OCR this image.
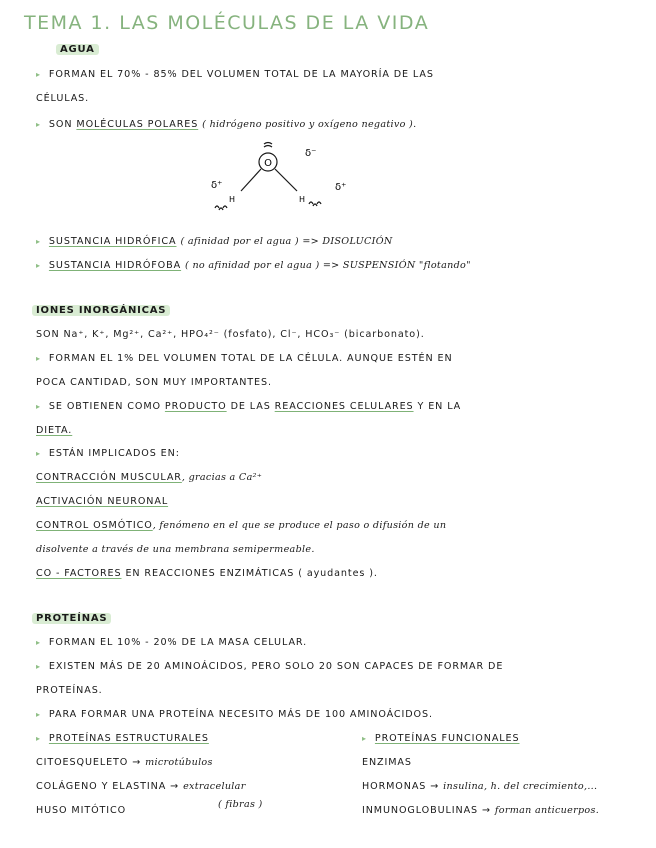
TEMA 1. LAS MOLÉCULAS DE LA VIDA
AGUA
▸ FORMAN EL 70% - 85% DEL VOLUMEN TOTAL DE LA MAYORÍA DE LAS
CÉLULAS.
▸ SON MOLÉCULAS POLARES ( hidrógeno positivo y oxígeno negativo ).
O
δ⁻
δ⁺	δ⁺
H	H
▸ SUSTANCIA HIDRÓFICA ( afinidad por el agua ) => DISOLUCIÓN
▸ SUSTANCIA HIDRÓFOBA ( no afinidad por el agua ) => SUSPENSIÓN "flotando"
IONES INORGÁNICAS
SON Na⁺, K⁺, Mg²⁺, Ca²⁺, HPO₄²⁻ (fosfato), Cl⁻, HCO₃⁻ (bicarbonato).
▸ FORMAN EL 1% DEL VOLUMEN TOTAL DE LA CÉLULA. AUNQUE ESTÉN EN
POCA CANTIDAD, SON MUY IMPORTANTES.
▸ SE OBTIENEN COMO PRODUCTO DE LAS REACCIONES CELULARES Y EN LA
DIETA.
▸ ESTÁN IMPLICADOS EN:
CONTRACCIÓN MUSCULAR, gracias a Ca²⁺
ACTIVACIÓN NEURONAL
CONTROL OSMÓTICO, fenómeno en el que se produce el paso o difusión de un
disolvente a través de una membrana semipermeable.
CO - FACTORES EN REACCIONES ENZIMÁTICAS ( ayudantes ).
PROTEÍNAS
▸ FORMAN EL 10% - 20% DE LA MASA CELULAR.
▸ EXISTEN MÁS DE 20 AMINOÁCIDOS, PERO SOLO 20 SON CAPACES DE FORMAR DE
PROTEÍNAS.
▸ PARA FORMAR UNA PROTEÍNA NECESITO MÁS DE 100 AMINOÁCIDOS.
▸ PROTEÍNAS ESTRUCTURALES
CITOESQUELETO → microtúbulos
COLÁGENO Y ELASTINA → extracelular
HUSO MITÓTICO
( fibras )
▸ PROTEÍNAS FUNCIONALES
ENZIMAS
HORMONAS → insulina, h. del crecimiento,...
INMUNOGLOBULINAS → forman anticuerpos.
